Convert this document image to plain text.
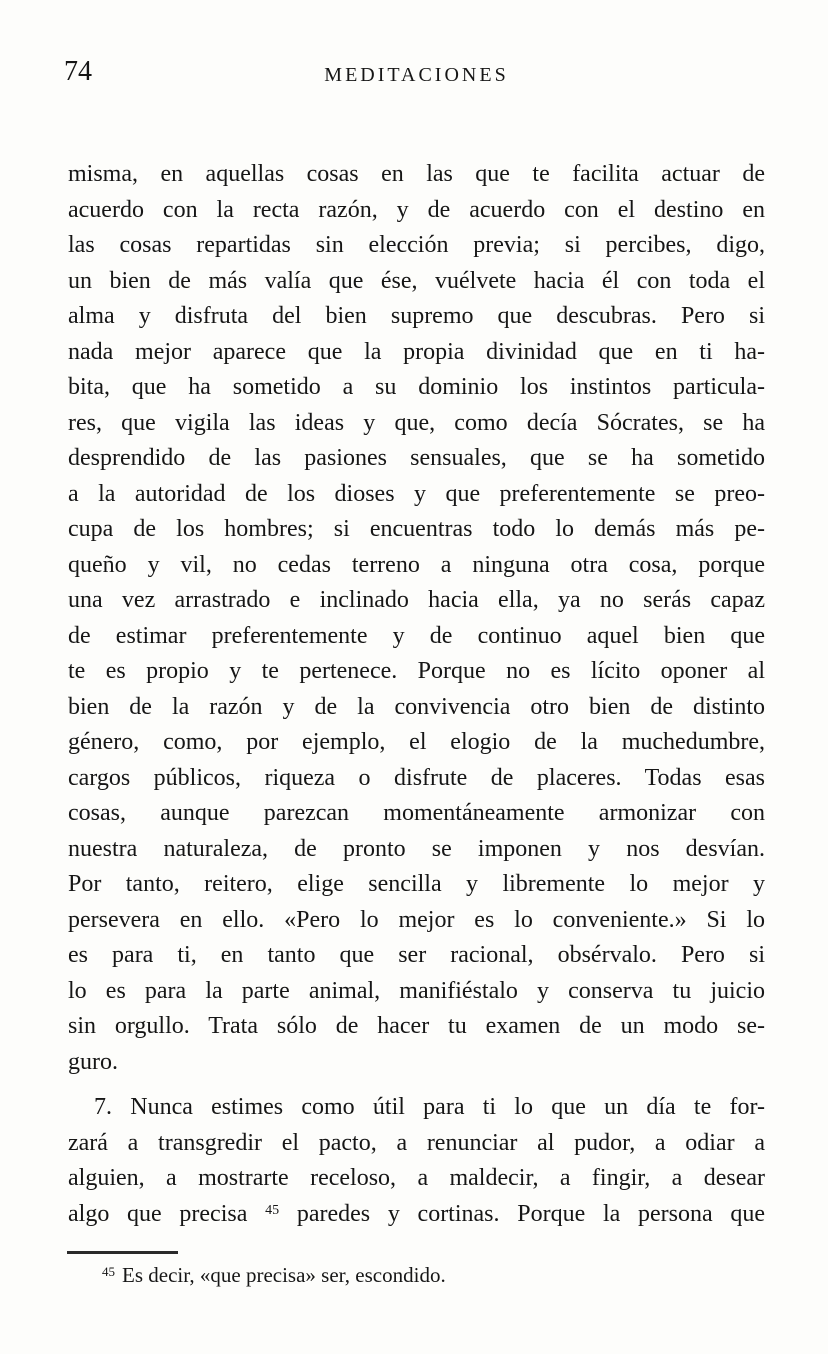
74	MEDITACIONES
misma, en aquellas cosas en las que te facilita actuar de
acuerdo con la recta razón, y de acuerdo con el destino en
las cosas repartidas sin elección previa; si percibes, digo,
un bien de más valía que ése, vuélvete hacia él con toda el
alma y disfruta del bien supremo que descubras. Pero si
nada mejor aparece que la propia divinidad que en ti ha-
bita, que ha sometido a su dominio los instintos particula-
res, que vigila las ideas y que, como decía Sócrates, se ha
desprendido de las pasiones sensuales, que se ha sometido
a la autoridad de los dioses y que preferentemente se preo-
cupa de los hombres; si encuentras todo lo demás más pe-
queño y vil, no cedas terreno a ninguna otra cosa, porque
una vez arrastrado e inclinado hacia ella, ya no serás capaz
de estimar preferentemente y de continuo aquel bien que
te es propio y te pertenece. Porque no es lícito oponer al
bien de la razón y de la convivencia otro bien de distinto
género, como, por ejemplo, el elogio de la muchedumbre,
cargos públicos, riqueza o disfrute de placeres. Todas esas
cosas, aunque parezcan momentáneamente armonizar con
nuestra naturaleza, de pronto se imponen y nos desvían.
Por tanto, reitero, elige sencilla y libremente lo mejor y
persevera en ello. «Pero lo mejor es lo conveniente.» Si lo
es para ti, en tanto que ser racional, obsérvalo. Pero si
lo es para la parte animal, manifiéstalo y conserva tu juicio
sin orgullo. Trata sólo de hacer tu examen de un modo se-
guro.
7. Nunca estimes como útil para ti lo que un día te for-
zará a transgredir el pacto, a renunciar al pudor, a odiar a
alguien, a mostrarte receloso, a maldecir, a fingir, a desear
algo que precisa $^{45}$ paredes y cortinas. Porque la persona que
$^{45}$ Es decir, «que precisa» ser, escondido.
